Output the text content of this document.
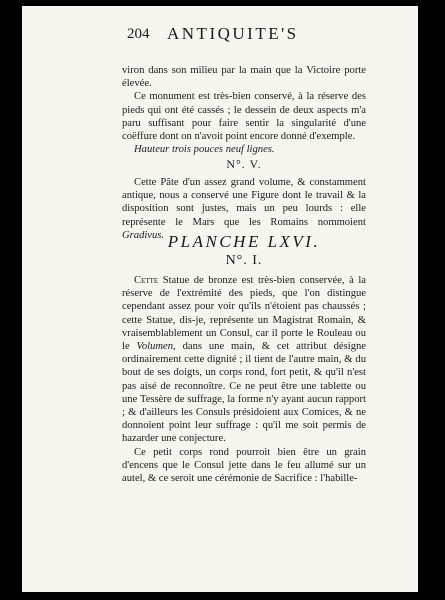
204 ANTIQUITE'S

viron dans son milieu par la main que la Victoire porte élevée.

Ce monument est très-bien conservé, à la réserve des pieds qui ont été cassés ; le dessein de deux aspects m'a paru suffisant pour faire sentir la singularité d'une coëffure dont on n'avoit point encore donné d'exemple.

Hauteur trois pouces neuf lignes.

N°. V.

Cette Pâte d'un assez grand volume, & constamment antique, nous a conservé une Figure dont le travail & la disposition sont justes, mais un peu lourds : elle représente le Mars que les Romains nommoient Gradivus. PLANCHE LXVI.
N°. I.

Cette Statue de bronze est très-bien conservée, à la réserve de l'extrémité des pieds, que l'on distingue cependant assez pour voir qu'ils n'étoient pas chaussés ; cette Statue, dis-je, représente un Magistrat Romain, & vraisemblablement un Consul, car il porte le Rouleau ou le Volumen, dans une main, & cet attribut désigne ordinairement cette dignité ; il tient de l'autre main, & du bout de ses doigts, un corps rond, fort petit, & qu'il n'est pas aisé de reconnoître. Ce ne peut être une tablette ou une Tessère de suffrage, la forme n'y ayant aucun rapport ; & d'ailleurs les Consuls présidoient aux Comices, & ne donnoient point leur suffrage : qu'il me soit permis de hazarder une conjecture.

Ce petit corps rond pourroit bien être un grain d'encens que le Consul jette dans le feu allumé sur un autel, & ce seroit une cérémonie de Sacrifice : l'habille-
